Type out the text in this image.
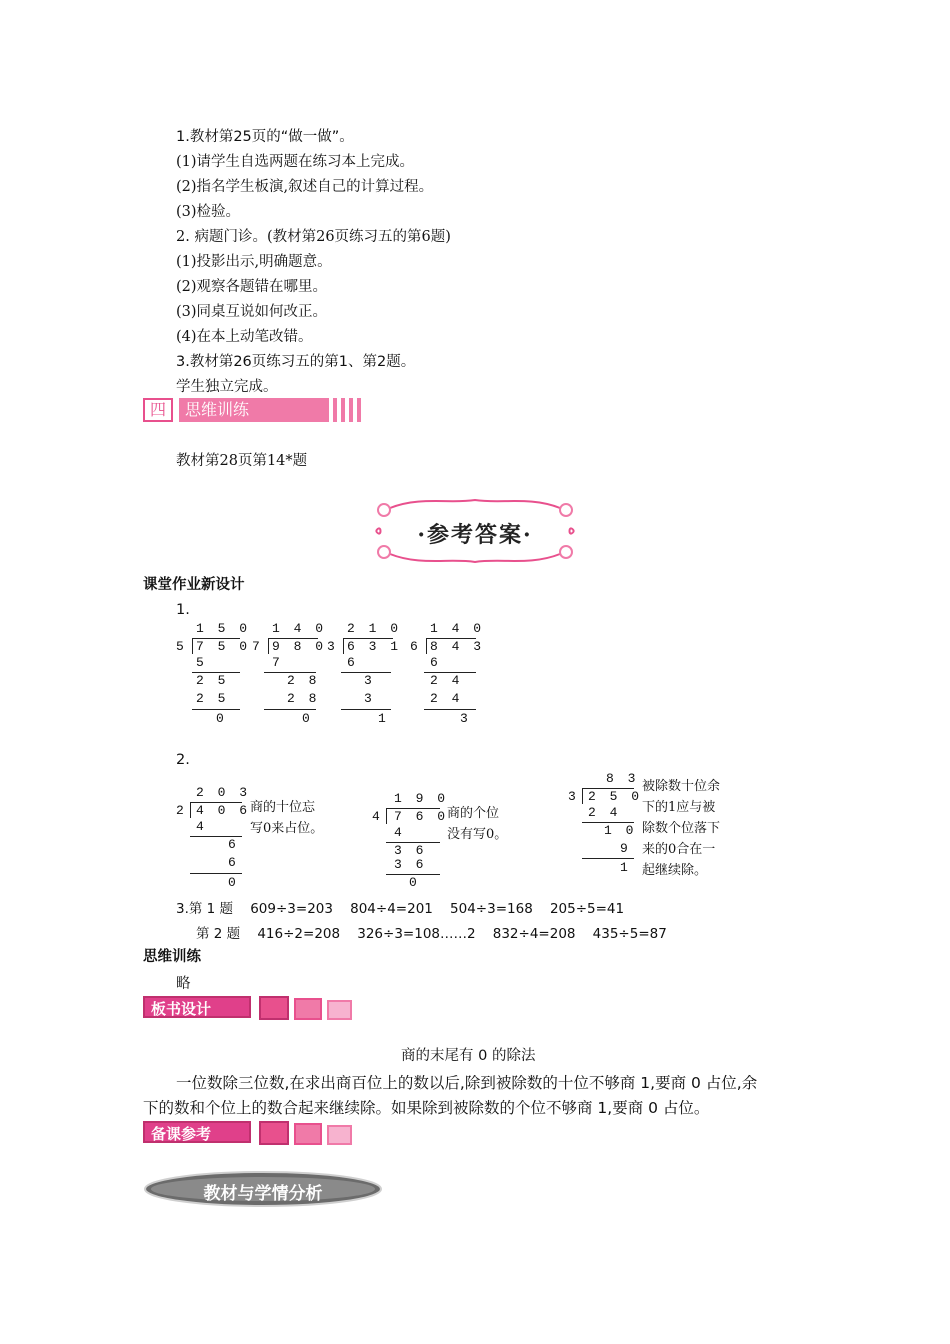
1.教材第25页的“做一做”。
(1)请学生自选两题在练习本上完成。
(2)指名学生板演,叙述自己的计算过程。
(3)检验。
2. 病题门诊。(教材第26页练习五的第6题)
(1)投影出示,明确题意。
(2)观察各题错在哪里。
(3)同桌互说如何改正。
(4)在本上动笔改错。
3.教材第26页练习五的第1、第2题。
学生独立完成。
四	思维训练
教材第28页第14*题
·参考答案·
课堂作业新设计
1.
1 5 0
5 7 5 0
5
2 5
2 5
0
1 4 0
7 9 8 0
7
2 8
2 8
0
2 1 0
3 6 3 1
6
3
3
1
1 4 0
6 8 4 3
6
2 4
2 4
3
2.
2 0 3
2 4 0 6
4
6
6
0
商的十位忘
写0来占位。
1 9 0
4 7 6 0
4
3 6
3 6
0
商的个位
没有写0。
8 3
3 2 5 0
2 4
1 0
9
1
被除数十位余
下的1应与被
除数个位落下
来的0合在一
起继续除。
3.第 1 题    609÷3=203    804÷4=201    504÷3=168    205÷5=41
第 2 题    416÷2=208    326÷3=108……2    832÷4=208    435÷5=87
思维训练
略
板书设计
商的末尾有 0 的除法
一位数除三位数,在求出商百位上的数以后,除到被除数的十位不够商 1,要商 0 占位,余
下的数和个位上的数合起来继续除。如果除到被除数的个位不够商 1,要商 0 占位。
备课参考
教材与学情分析
